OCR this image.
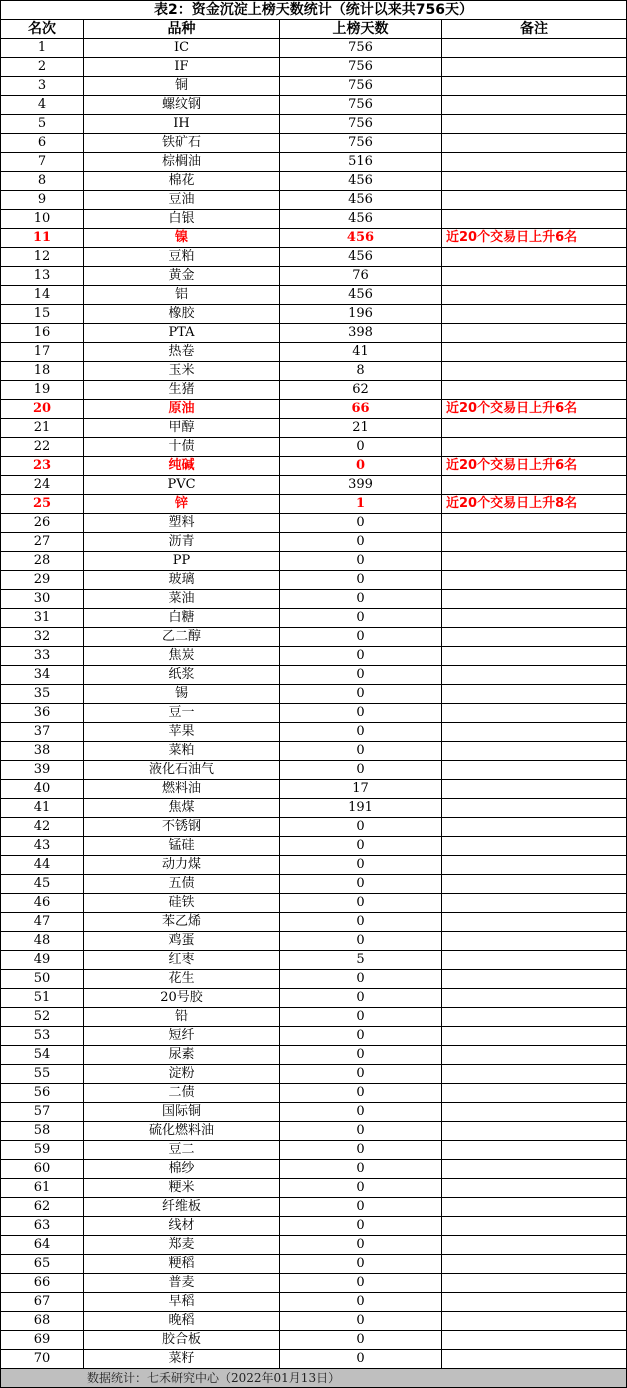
表2：资金沉淀上榜天数统计（统计以来共756天）			
名次	品种	上榜天数	备注
1	IC	756	
2	IF	756	
3	铜	756	
4	螺纹钢	756	
5	IH	756	
6	铁矿石	756	
7	棕榈油	516	
8	棉花	456	
9	豆油	456	
10	白银	456	
11	镍	456	近20个交易日上升6名
12	豆粕	456	
13	黄金	76	
14	铝	456	
15	橡胶	196	
16	PTA	398	
17	热卷	41	
18	玉米	8	
19	生猪	62	
20	原油	66	近20个交易日上升6名
21	甲醇	21	
22	十债	0	
23	纯碱	0	近20个交易日上升6名
24	PVC	399	
25	锌	1	近20个交易日上升8名
26	塑料	0	
27	沥青	0	
28	PP	0	
29	玻璃	0	
30	菜油	0	
31	白糖	0	
32	乙二醇	0	
33	焦炭	0	
34	纸浆	0	
35	锡	0	
36	豆一	0	
37	苹果	0	
38	菜粕	0	
39	液化石油气	0	
40	燃料油	17	
41	焦煤	191	
42	不锈钢	0	
43	锰硅	0	
44	动力煤	0	
45	五债	0	
46	硅铁	0	
47	苯乙烯	0	
48	鸡蛋	0	
49	红枣	5	
50	花生	0	
51	20号胶	0	
52	铅	0	
53	短纤	0	
54	尿素	0	
55	淀粉	0	
56	二债	0	
57	国际铜	0	
58	硫化燃料油	0	
59	豆二	0	
60	棉纱	0	
61	粳米	0	
62	纤维板	0	
63	线材	0	
64	郑麦	0	
65	粳稻	0	
66	普麦	0	
67	早稻	0	
68	晚稻	0	
69	胶合板	0	
70	菜籽	0	
数据统计：七禾研究中心（2022年01月13日）			
